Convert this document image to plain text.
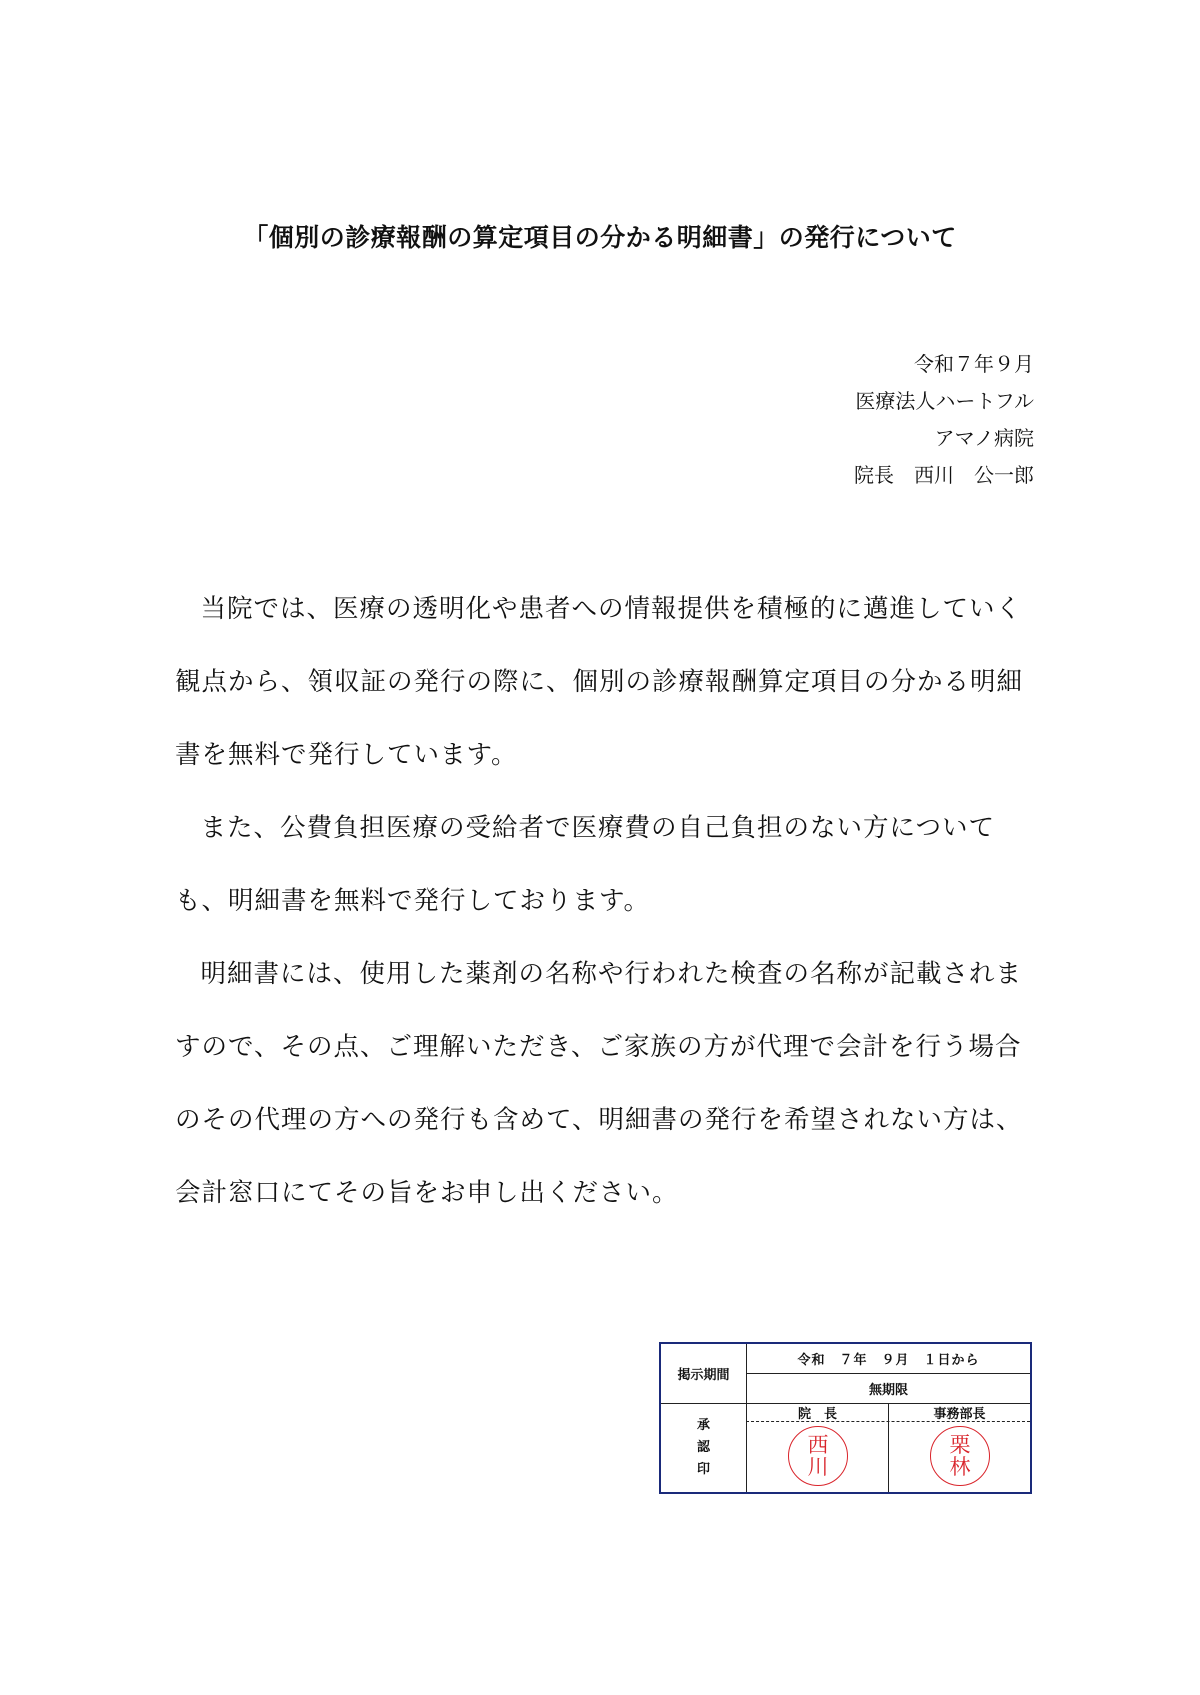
「個別の診療報酬の算定項目の分かる明細書」の発行について
令和７年９月
医療法人ハートフル
アマノ病院
院長　西川　公一郎

当院では、医療の透明化や患者への情報提供を積極的に邁進していく観点から、領収証の発行の際に、個別の診療報酬算定項目の分かる明細書を無料で発行しています。

また、公費負担医療の受給者で医療費の自己負担のない方についても、明細書を無料で発行しております。

明細書には、使用した薬剤の名称や行われた検査の名称が記載されますので、その点、ご理解いただき、ご家族の方が代理で会計を行う場合のその代理の方への発行も含めて、明細書の発行を希望されない方は、会計窓口にてその旨をお申し出ください。

掲示期間
令和　７年　９月　１日から
無期限
承
認
印
院　長	事務部長
西
川
栗
林
